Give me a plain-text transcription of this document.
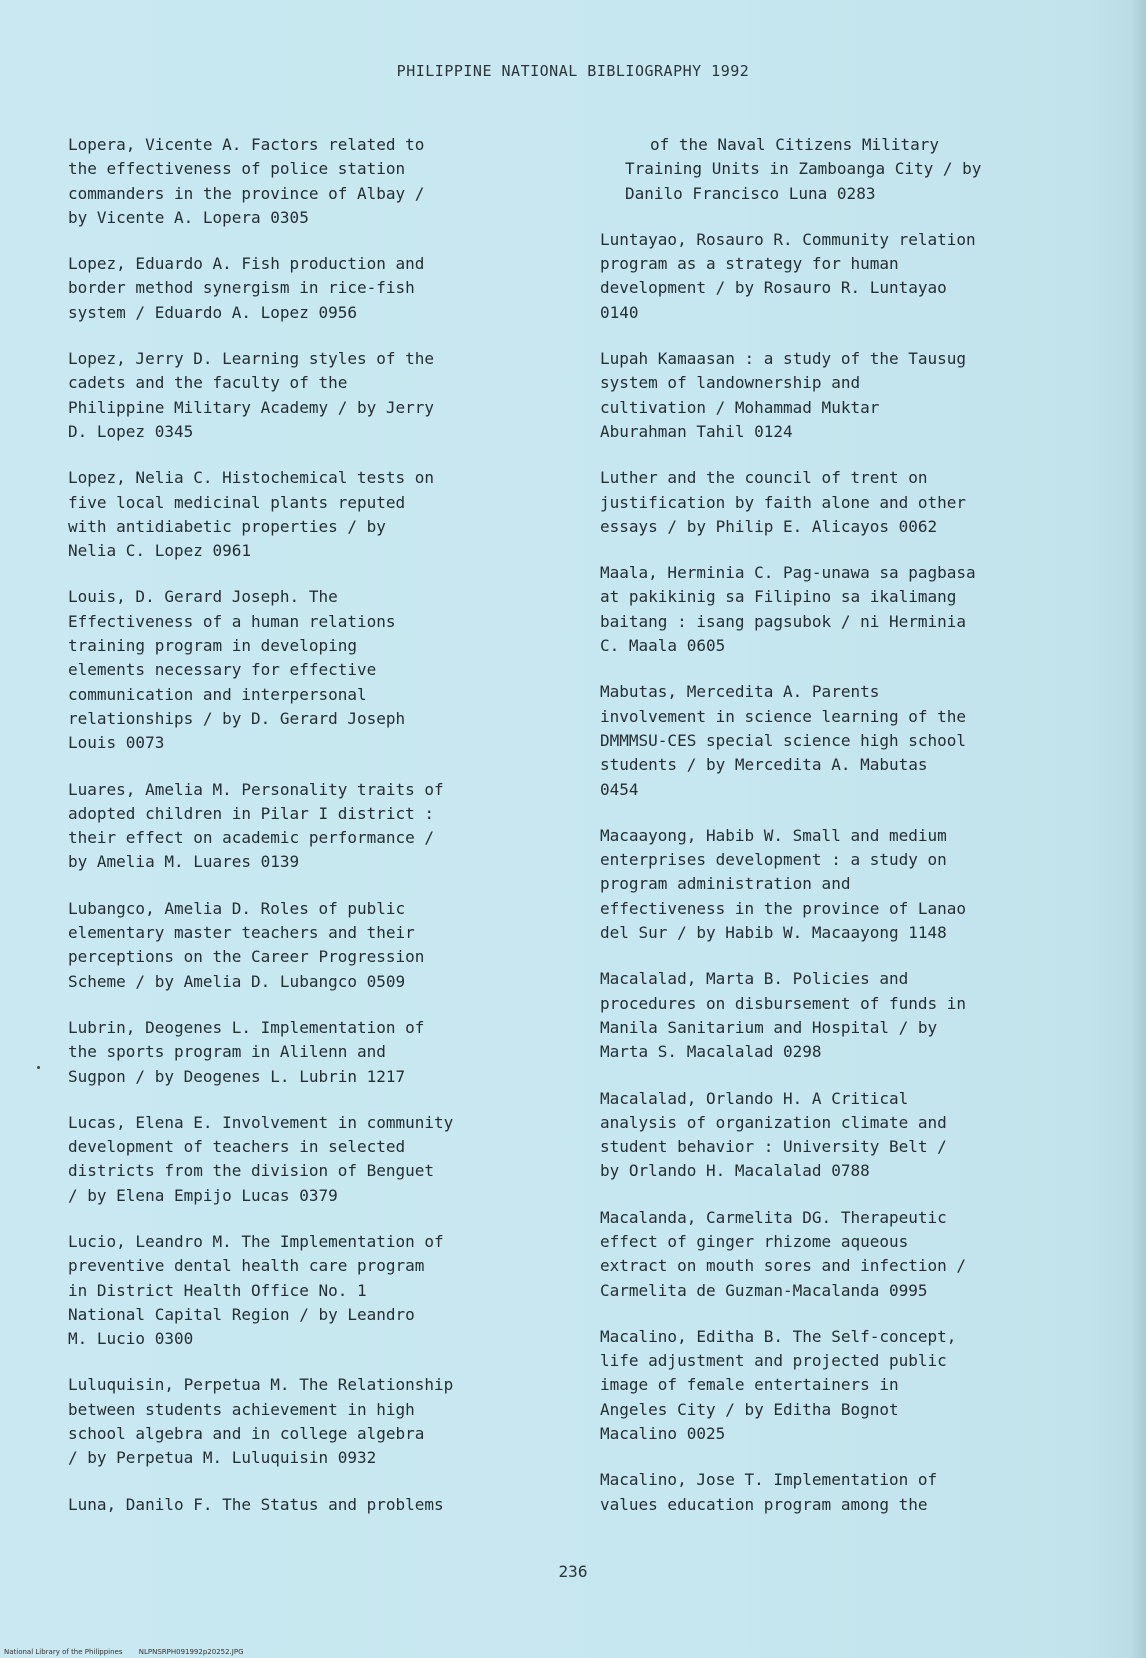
PHILIPPINE NATIONAL BIBLIOGRAPHY 1992
Lopera, Vicente A. Factors related to
the effectiveness of police station
commanders in the province of Albay /
by Vicente A. Lopera 0305
Lopez, Eduardo A. Fish production and
border method synergism in rice-fish
system / Eduardo A. Lopez 0956
Lopez, Jerry D. Learning styles of the
cadets and the faculty of the
Philippine Military Academy / by Jerry
D. Lopez 0345
Lopez, Nelia C. Histochemical tests on
five local medicinal plants reputed
with antidiabetic properties / by
Nelia C. Lopez 0961
Louis, D. Gerard Joseph. The
Effectiveness of a human relations
training program in developing
elements necessary for effective
communication and interpersonal
relationships / by D. Gerard Joseph
Louis 0073
Luares, Amelia M. Personality traits of
adopted children in Pilar I district :
their effect on academic performance /
by Amelia M. Luares 0139
Lubangco, Amelia D. Roles of public
elementary master teachers and their
perceptions on the Career Progression
Scheme / by Amelia D. Lubangco 0509
Lubrin, Deogenes L. Implementation of
the sports program in Alilenn and
Sugpon / by Deogenes L. Lubrin 1217
Lucas, Elena E. Involvement in community
development of teachers in selected
districts from the division of Benguet
/ by Elena Empijo Lucas 0379
Lucio, Leandro M. The Implementation of
preventive dental health care program
in District Health Office No. 1
National Capital Region / by Leandro
M. Lucio 0300
Luluquisin, Perpetua M. The Relationship
between students achievement in high
school algebra and in college algebra
/ by Perpetua M. Luluquisin 0932
Luna, Danilo F. The Status and problems
of the Naval Citizens Military
Training Units in Zamboanga City / by
Danilo Francisco Luna 0283
Luntayao, Rosauro R. Community relation
program as a strategy for human
development / by Rosauro R. Luntayao
0140
Lupah Kamaasan : a study of the Tausug
system of landownership and
cultivation / Mohammad Muktar
Aburahman Tahil 0124
Luther and the council of trent on
justification by faith alone and other
essays / by Philip E. Alicayos 0062
Maala, Herminia C. Pag-unawa sa pagbasa
at pakikinig sa Filipino sa ikalimang
baitang : isang pagsubok / ni Herminia
C. Maala 0605
Mabutas, Mercedita A. Parents
involvement in science learning of the
DMMMSU-CES special science high school
students / by Mercedita A. Mabutas
0454
Macaayong, Habib W. Small and medium
enterprises development : a study on
program administration and
effectiveness in the province of Lanao
del Sur / by Habib W. Macaayong 1148
Macalalad, Marta B. Policies and
procedures on disbursement of funds in
Manila Sanitarium and Hospital / by
Marta S. Macalalad 0298
Macalalad, Orlando H. A Critical
analysis of organization climate and
student behavior : University Belt /
by Orlando H. Macalalad 0788
Macalanda, Carmelita DG. Therapeutic
effect of ginger rhizome aqueous
extract on mouth sores and infection /
Carmelita de Guzman-Macalanda 0995
Macalino, Editha B. The Self-concept,
life adjustment and projected public
image of female entertainers in
Angeles City / by Editha Bognot
Macalino 0025
Macalino, Jose T. Implementation of
values education program among the
236
National Library of the Philippines NLPNSRPH091992p20252.JPG
